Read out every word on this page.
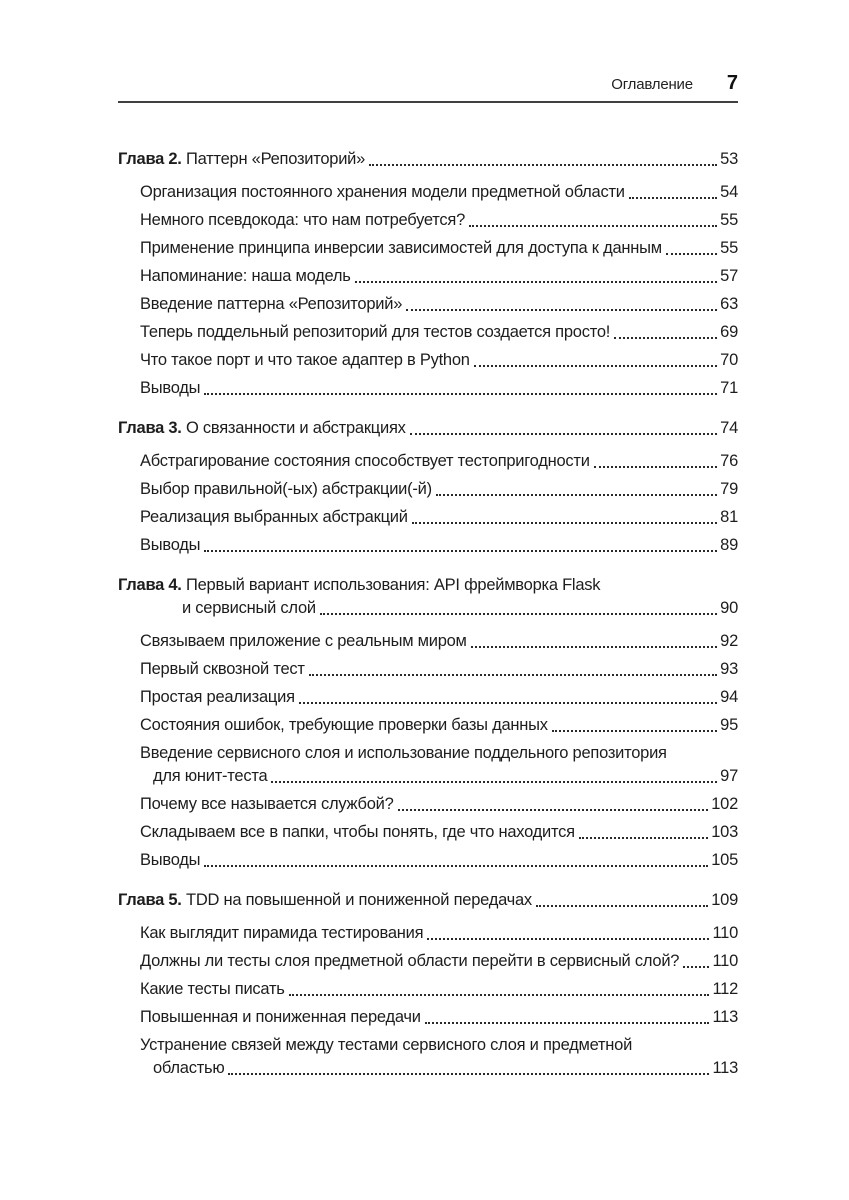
Оглавление 7
Глава 2. Паттерн «Репозиторий»	53
Организация постоянного хранения модели предметной области	54
Немного псевдокода: что нам потребуется?	55
Применение принципа инверсии зависимостей для доступа к данным	55
Напоминание: наша модель	57
Введение паттерна «Репозиторий»	63
Теперь поддельный репозиторий для тестов создается просто!	69
Что такое порт и что такое адаптер в Python	70
Выводы	71
Глава 3. О связанности и абстракциях	74
Абстрагирование состояния способствует тестопригодности	76
Выбор правильной(-ых) абстракции(-й)	79
Реализация выбранных абстракций	81
Выводы	89
Глава 4. Первый вариант использования: API фреймворка Flask
и сервисный слой	90
Связываем приложение с реальным миром	92
Первый сквозной тест	93
Простая реализация	94
Состояния ошибок, требующие проверки базы данных	95
Введение сервисного слоя и использование поддельного репозитория
для юнит-теста	97
Почему все называется службой?	102
Складываем все в папки, чтобы понять, где что находится	103
Выводы	105
Глава 5. TDD на повышенной и пониженной передачах	109
Как выглядит пирамида тестирования	110
Должны ли тесты слоя предметной области перейти в сервисный слой? 110
Какие тесты писать	112
Повышенная и пониженная передачи	113
Устранение связей между тестами сервисного слоя и предметной
областью	113
